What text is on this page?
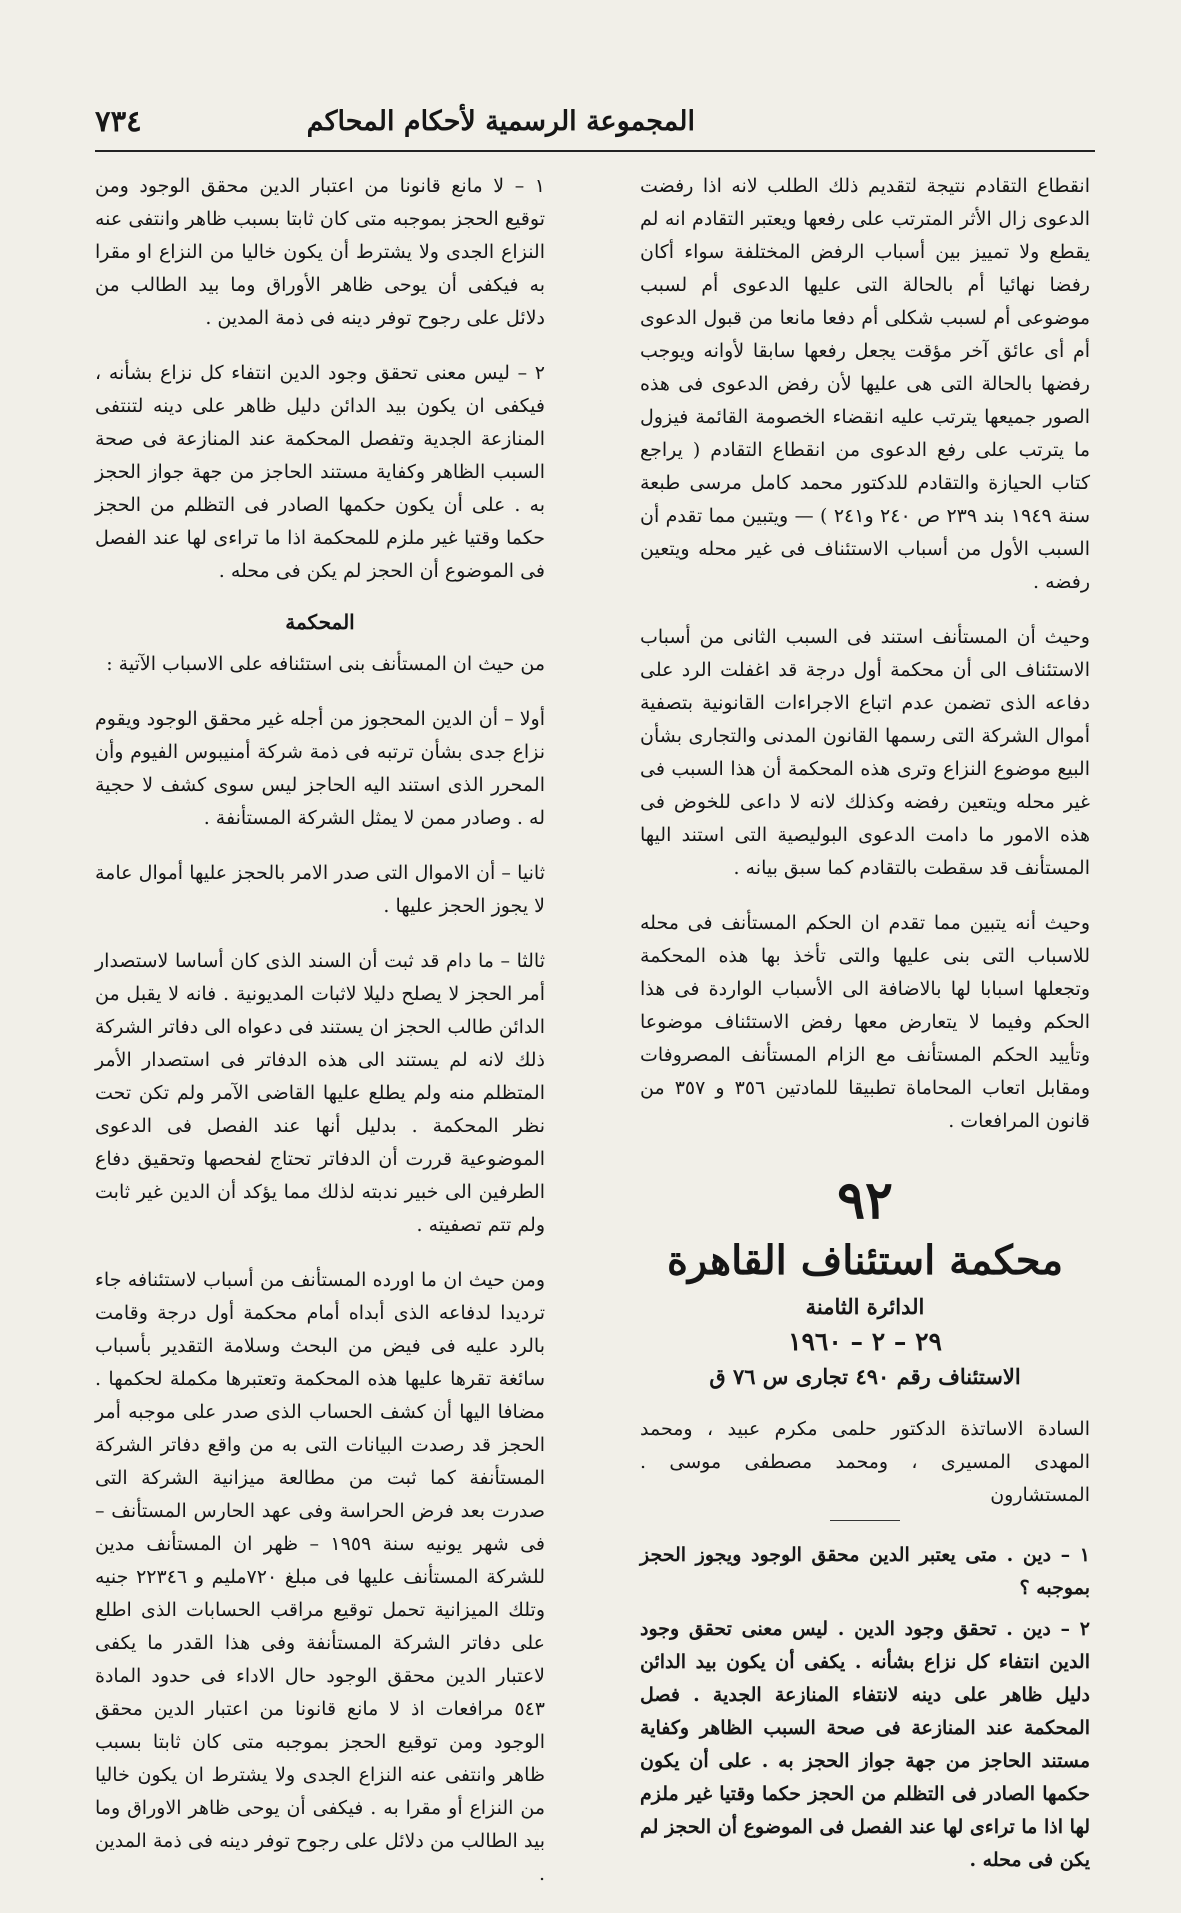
المجموعة الرسمية لأحكام المحاكم
٧٣٤

انقطاع التقادم نتيجة لتقديم ذلك الطلب لانه اذا رفضت الدعوى زال الأثر المترتب على رفعها ويعتبر التقادم انه لم يقطع ولا تمييز بين أسباب الرفض المختلفة سواء أكان رفضا نهائيا أم بالحالة التى عليها الدعوى أم لسبب موضوعى أم لسبب شكلى أم دفعا مانعا من قبول الدعوى أم أى عائق آخر مؤقت يجعل رفعها سابقا لأوانه ويوجب رفضها بالحالة التى هى عليها لأن رفض الدعوى فى هذه الصور جميعها يترتب عليه انقضاء الخصومة القائمة فيزول ما يترتب على رفع الدعوى من انقطاع التقادم ( يراجع كتاب الحيازة والتقادم للدكتور محمد كامل مرسى طبعة سنة ١٩٤٩ بند ٢٣٩ ص ٢٤٠ و٢٤١ ) — ويتبين مما تقدم أن السبب الأول من أسباب الاستئناف فى غير محله ويتعين رفضه .

وحيث أن المستأنف استند فى السبب الثانى من أسباب الاستئناف الى أن محكمة أول درجة قد اغفلت الرد على دفاعه الذى تضمن عدم اتباع الاجراءات القانونية بتصفية أموال الشركة التى رسمها القانون المدنى والتجارى بشأن البيع موضوع النزاع وترى هذه المحكمة أن هذا السبب فى غير محله ويتعين رفضه وكذلك لانه لا داعى للخوض فى هذه الامور ما دامت الدعوى البوليصية التى استند اليها المستأنف قد سقطت بالتقادم كما سبق بيانه .

وحيث أنه يتبين مما تقدم ان الحكم المستأنف فى محله للاسباب التى بنى عليها والتى تأخذ بها هذه المحكمة وتجعلها اسبابا لها بالاضافة الى الأسباب الواردة فى هذا الحكم وفيما لا يتعارض معها رفض الاستئناف موضوعا وتأييد الحكم المستأنف مع الزام المستأنف المصروفات ومقابل اتعاب المحاماة تطبيقا للمادتين ٣٥٦ و ٣٥٧ من قانون المرافعات .

٩٢
محكمة استئناف القاهرة
الدائرة الثامنة
٢٩ – ٢ – ١٩٦٠
الاستئناف رقم ٤٩٠ تجارى س ٧٦ ق

السادة الاساتذة الدكتور حلمى مكرم عبيد ، ومحمد المهدى المسيرى ، ومحمد مصطفى موسى . المستشارون

١ – دين . متى يعتبر الدين محقق الوجود ويجوز الحجز بموجبه ؟

٢ – دين . تحقق وجود الدين . ليس معنى تحقق وجود الدين انتفاء كل نزاع بشأنه . يكفى أن يكون بيد الدائن دليل ظاهر على دينه لانتفاء المنازعة الجدية . فصل المحكمة عند المنازعة فى صحة السبب الظاهر وكفاية مستند الحاجز من جهة جواز الحجز به . على أن يكون حكمها الصادر فى التظلم من الحجز حكما وقتيا غير ملزم لها اذا ما تراءى لها عند الفصل فى الموضوع أن الحجز لم يكن فى محله .

١ – لا مانع قانونا من اعتبار الدين محقق الوجود ومن توقيع الحجز بموجبه متى كان ثابتا بسبب ظاهر وانتفى عنه النزاع الجدى ولا يشترط أن يكون خاليا من النزاع او مقرا به فيكفى أن يوحى ظاهر الأوراق وما بيد الطالب من دلائل على رجوح توفر دينه فى ذمة المدين .

٢ – ليس معنى تحقق وجود الدين انتفاء كل نزاع بشأنه ، فيكفى ان يكون بيد الدائن دليل ظاهر على دينه لتنتفى المنازعة الجدية وتفصل المحكمة عند المنازعة فى صحة السبب الظاهر وكفاية مستند الحاجز من جهة جواز الحجز به . على أن يكون حكمها الصادر فى التظلم من الحجز حكما وقتيا غير ملزم للمحكمة اذا ما تراءى لها عند الفصل فى الموضوع أن الحجز لم يكن فى محله .

المحكمة

من حيث ان المستأنف بنى استئنافه على الاسباب الآتية :

أولا – أن الدين المحجوز من أجله غير محقق الوجود ويقوم نزاع جدى بشأن ترتبه فى ذمة شركة أمنيبوس الفيوم وأن المحرر الذى استند اليه الحاجز ليس سوى كشف لا حجية له . وصادر ممن لا يمثل الشركة المستأنفة .

ثانيا – أن الاموال التى صدر الامر بالحجز عليها أموال عامة لا يجوز الحجز عليها .

ثالثا – ما دام قد ثبت أن السند الذى كان أساسا لاستصدار أمر الحجز لا يصلح دليلا لاثبات المديونية . فانه لا يقبل من الدائن طالب الحجز ان يستند فى دعواه الى دفاتر الشركة ذلك لانه لم يستند الى هذه الدفاتر فى استصدار الأمر المتظلم منه ولم يطلع عليها القاضى الآمر ولم تكن تحت نظر المحكمة . بدليل أنها عند الفصل فى الدعوى الموضوعية قررت أن الدفاتر تحتاج لفحصها وتحقيق دفاع الطرفين الى خبير ندبته لذلك مما يؤكد أن الدين غير ثابت ولم تتم تصفيته .

ومن حيث ان ما اورده المستأنف من أسباب لاستئنافه جاء ترديدا لدفاعه الذى أبداه أمام محكمة أول درجة وقامت بالرد عليه فى فيض من البحث وسلامة التقدير بأسباب سائغة تقرها عليها هذه المحكمة وتعتبرها مكملة لحكمها . مضافا اليها أن كشف الحساب الذى صدر على موجبه أمر الحجز قد رصدت البيانات التى به من واقع دفاتر الشركة المستأنفة كما ثبت من مطالعة ميزانية الشركة التى صدرت بعد فرض الحراسة وفى عهد الحارس المستأنف – فى شهر يونيه سنة ١٩٥٩ – ظهر ان المستأنف مدين للشركة المستأنف عليها فى مبلغ ٧٢٠مليم و ٢٢٣٤٦ جنيه وتلك الميزانية تحمل توقيع مراقب الحسابات الذى اطلع على دفاتر الشركة المستأنفة وفى هذا القدر ما يكفى لاعتبار الدين محقق الوجود حال الاداء فى حدود المادة ٥٤٣ مرافعات اذ لا مانع قانونا من اعتبار الدين محقق الوجود ومن توقيع الحجز بموجبه متى كان ثابتا بسبب ظاهر وانتفى عنه النزاع الجدى ولا يشترط ان يكون خاليا من النزاع أو مقرا به . فيكفى أن يوحى ظاهر الاوراق وما بيد الطالب من دلائل على رجوح توفر دينه فى ذمة المدين .
